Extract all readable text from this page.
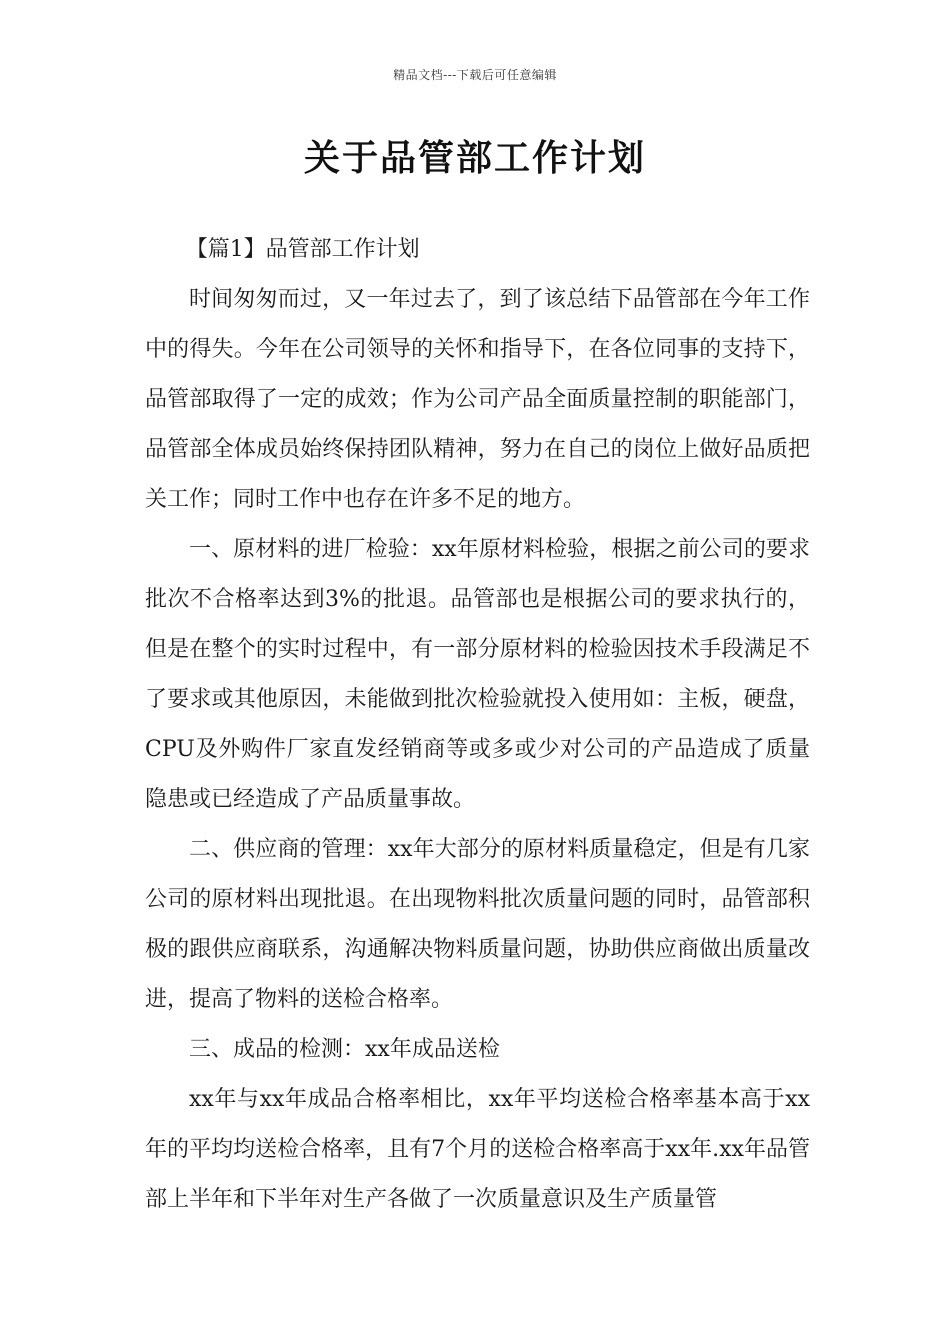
精品文档---下载后可任意编辑
关于品管部工作计划

【篇1】品管部工作计划

时间匆匆而过，又一年过去了，到了该总结下品管部在今年工作中的得失。今年在公司领导的关怀和指导下，在各位同事的支持下，品管部取得了一定的成效；作为公司产品全面质量控制的职能部门，品管部全体成员始终保持团队精神，努力在自己的岗位上做好品质把关工作；同时工作中也存在许多不足的地方。

一、原材料的进厂检验：xx年原材料检验，根据之前公司的要求批次不合格率达到3%的批退。品管部也是根据公司的要求执行的，但是在整个的实时过程中，有一部分原材料的检验因技术手段满足不了要求或其他原因，未能做到批次检验就投入使用如：主板，硬盘，CPU及外购件厂家直发经销商等或多或少对公司的产品造成了质量隐患或已经造成了产品质量事故。

二、供应商的管理：xx年大部分的原材料质量稳定，但是有几家公司的原材料出现批退。在出现物料批次质量问题的同时，品管部积极的跟供应商联系，沟通解决物料质量问题，协助供应商做出质量改进，提高了物料的送检合格率。

三、成品的检测：xx年成品送检

xx年与xx年成品合格率相比，xx年平均送检合格率基本高于xx年的平均均送检合格率，且有7个月的送检合格率高于xx年.xx年品管部上半年和下半年对生产各做了一次质量意识及生产质量管
